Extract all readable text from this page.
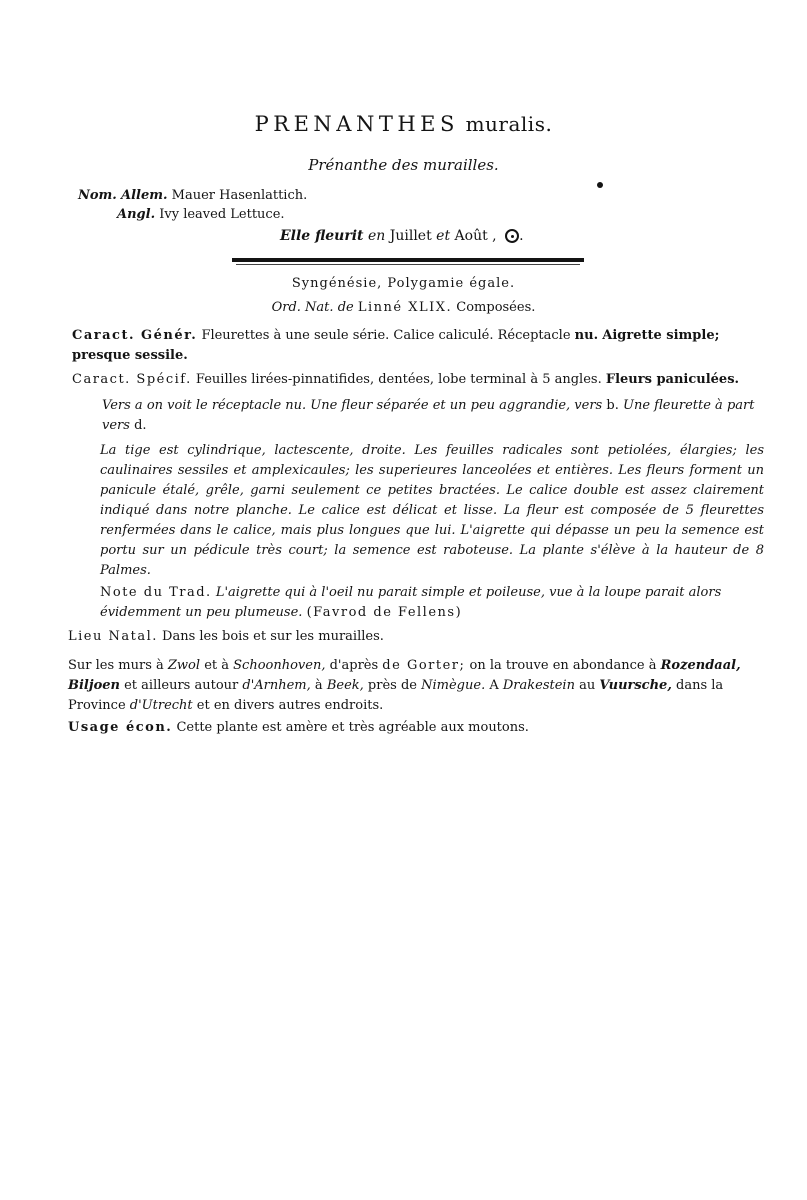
PRENANTHES muralis.
Prénanthe des murailles.
Nom. Allem. Mauer Hasenlattich.
Angl. Ivy leaved Lettuce.
Elle fleurit en Juillet et Août , .
Syngénésie, Polygamie égale.
Ord. Nat. de Linné XLIX. Composées.
Caract. Génér. Fleurettes à une seule série. Calice caliculé. Réceptacle nu. Aigrette simple; presque sessile.
Caract. Spécif. Feuilles lirées-pinnatifides, dentées, lobe terminal à 5 angles. Fleurs paniculées.
Vers a on voit le réceptacle nu. Une fleur séparée et un peu aggrandie, vers b. Une fleurette à part vers d.
La tige est cylindrique, lactescente, droite. Les feuilles radicales sont petiolées, élargies; les caulinaires sessiles et amplexicaules; les superieures lanceolées et entières. Les fleurs forment un panicule étalé, grêle, garni seulement ce petites bractées. Le calice double est assez clairement indiqué dans notre planche. Le calice est délicat et lisse. La fleur est composée de 5 fleurettes renfermées dans le calice, mais plus longues que lui. L'aigrette qui dépasse un peu la semence est portu sur un pédicule très court; la semence est raboteuse. La plante s'élève à la hauteur de 8 Palmes.
Note du Trad. L'aigrette qui à l'oeil nu parait simple et poileuse, vue à la loupe parait alors évidemment un peu plumeuse. (Favrod de Fellens)
Lieu Natal. Dans les bois et sur les murailles.
Sur les murs à Zwol et à Schoonhoven, d'après de Gorter; on la trouve en abondance à Rozendaal, Biljoen et ailleurs autour d'Arnhem, à Beek, près de Nimègue. A Drakestein au Vuursche, dans la Province d'Utrecht et en divers autres endroits.
Usage écon. Cette plante est amère et très agréable aux moutons.
